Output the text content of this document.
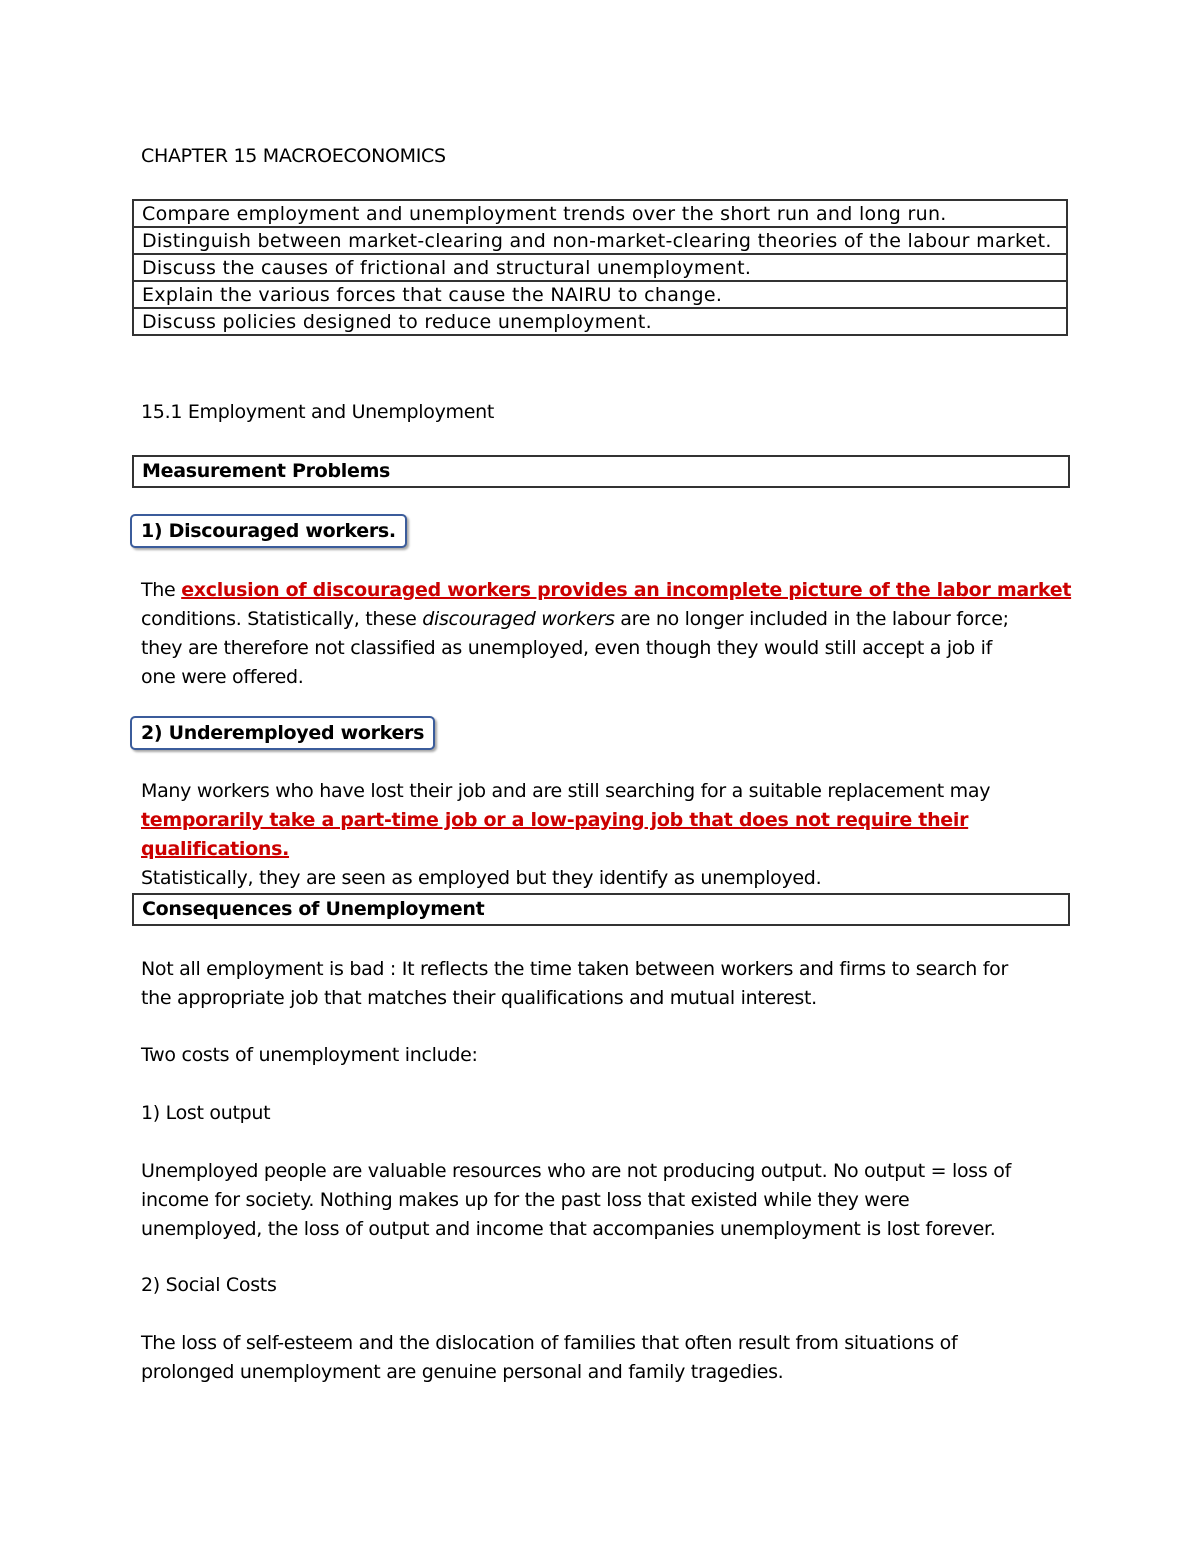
CHAPTER 15 MACROECONOMICS
Compare employment and unemployment trends over the short run and long run.
Distinguish between market-clearing and non-market-clearing theories of the labour market.
Discuss the causes of frictional and structural unemployment.
Explain the various forces that cause the NAIRU to change.
Discuss policies designed to reduce unemployment.
15.1 Employment and Unemployment
Measurement Problems
1) Discouraged workers.
The exclusion of discouraged workers provides an incomplete picture of the labor market
conditions. Statistically, these discouraged workers are no longer included in the labour force;
they are therefore not classified as unemployed, even though they would still accept a job if
one were offered.
2) Underemployed workers
Many workers who have lost their job and are still searching for a suitable replacement may
temporarily take a part-time job or a low-paying job that does not require their qualifications.
Statistically, they are seen as employed but they identify as unemployed.
Consequences of Unemployment
Not all employment is bad : It reflects the time taken between workers and firms to search for
the appropriate job that matches their qualifications and mutual interest.
Two costs of unemployment include:
1) Lost output
Unemployed people are valuable resources who are not producing output. No output = loss of
income for society. Nothing makes up for the past loss that existed while they were
unemployed, the loss of output and income that accompanies unemployment is lost forever.
2) Social Costs
The loss of self-esteem and the dislocation of families that often result from situations of
prolonged unemployment are genuine personal and family tragedies.
